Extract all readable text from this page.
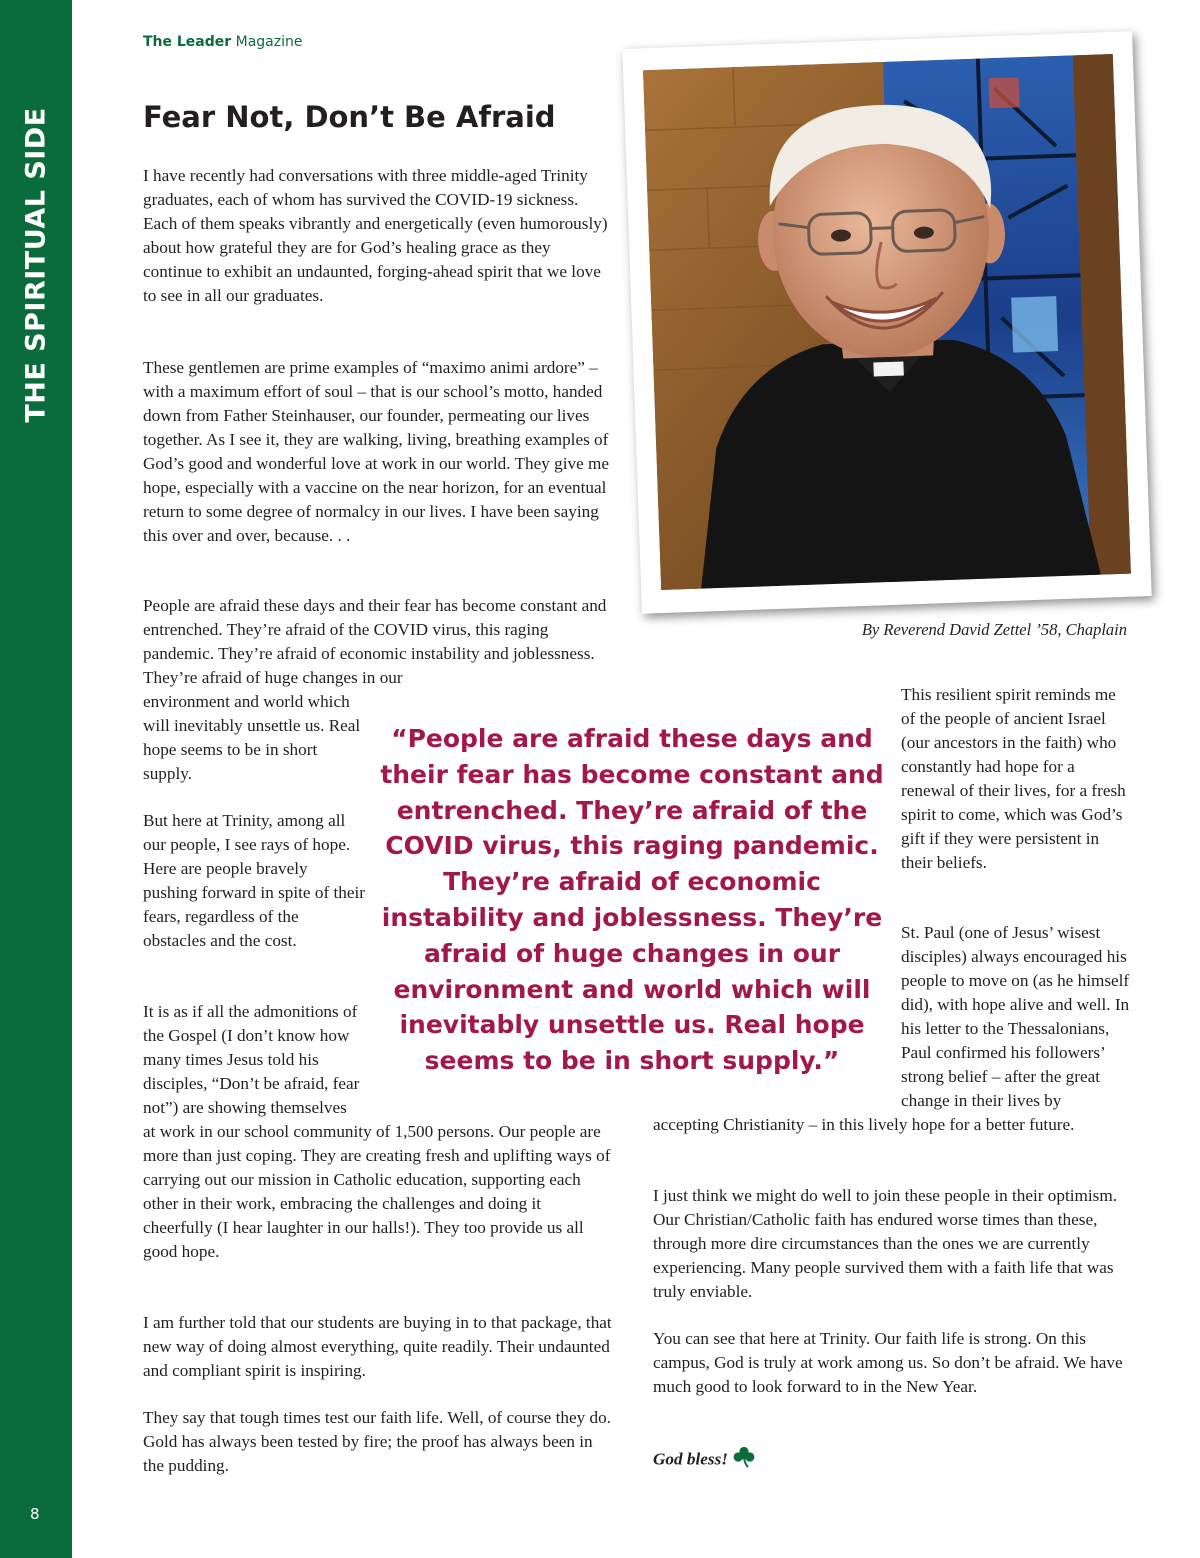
THE SPIRITUAL SIDE
8
The Leader Magazine
Fear Not, Don’t Be Afraid

I have recently had conversations with three middle-aged Trinity graduates, each of whom has survived the COVID-19 sickness. Each of them speaks vibrantly and energetically (even humorously) about how grateful they are for God’s healing grace as they continue to exhibit an undaunted, forging-ahead spirit that we love to see in all our graduates.

These gentlemen are prime examples of “maximo animi ardore” – with a maximum effort of soul – that is our school’s motto, handed down from Father Steinhauser, our founder, permeating our lives together. As I see it, they are walking, living, breathing examples of God’s good and wonderful love at work in our world. They give me hope, especially with a vaccine on the near horizon, for an eventual return to some degree of normalcy in our lives. I have been saying this over and over, because. . .

People are afraid these days and their fear has become constant and entrenched. They’re afraid of the COVID virus, this raging pandemic. They’re afraid of economic instability and joblessness. They’re afraid of huge changes in our

environment and world which will inevitably unsettle us. Real hope seems to be in short supply.

But here at Trinity, among all our people, I see rays of hope. Here are people bravely pushing forward in spite of their fears, regardless of the obstacles and the cost.

It is as if all the admonitions of the Gospel (I don’t know how many times Jesus told his disciples, “Don’t be afraid, fear not”) are showing themselves at work in our school community of 1,500 persons. Our people are more than just coping. They are creating fresh and uplifting ways of carrying out our mission in Catholic education, supporting each other in their work, embracing the challenges and doing it cheerfully (I hear laughter in our halls!). They too provide us all good hope.

I am further told that our students are buying in to that package, that new way of doing almost everything, quite readily. Their undaunted and compliant spirit is inspiring.

They say that tough times test our faith life. Well, of course they do. Gold has always been tested by fire; the proof has always been in the pudding.

“People are afraid these days and their fear has become constant and entrenched. They’re afraid of the COVID virus, this raging pandemic. They’re afraid of economic instability and joblessness. They’re afraid of huge changes in our environment and world which will inevitably unsettle us. Real hope seems to be in short supply.”

By Reverend David Zettel ’58, Chaplain

This resilient spirit reminds me of the people of ancient Israel (our ancestors in the faith) who constantly had hope for a renewal of their lives, for a fresh spirit to come, which was God’s gift if they were persistent in their beliefs.

St. Paul (one of Jesus’ wisest disciples) always encouraged his people to move on (as he himself did), with hope alive and well. In his letter to the Thessalonians, Paul confirmed his followers’ strong belief – after the great change in their lives by accepting Christianity – in this lively hope for a better future.

I just think we might do well to join these people in their optimism. Our Christian/Catholic faith has endured worse times than these, through more dire circumstances than the ones we are currently experiencing. Many people survived them with a faith life that was truly enviable.

You can see that here at Trinity. Our faith life is strong. On this campus, God is truly at work among us. So don’t be afraid. We have much good to look forward to in the New Year.

God bless!
